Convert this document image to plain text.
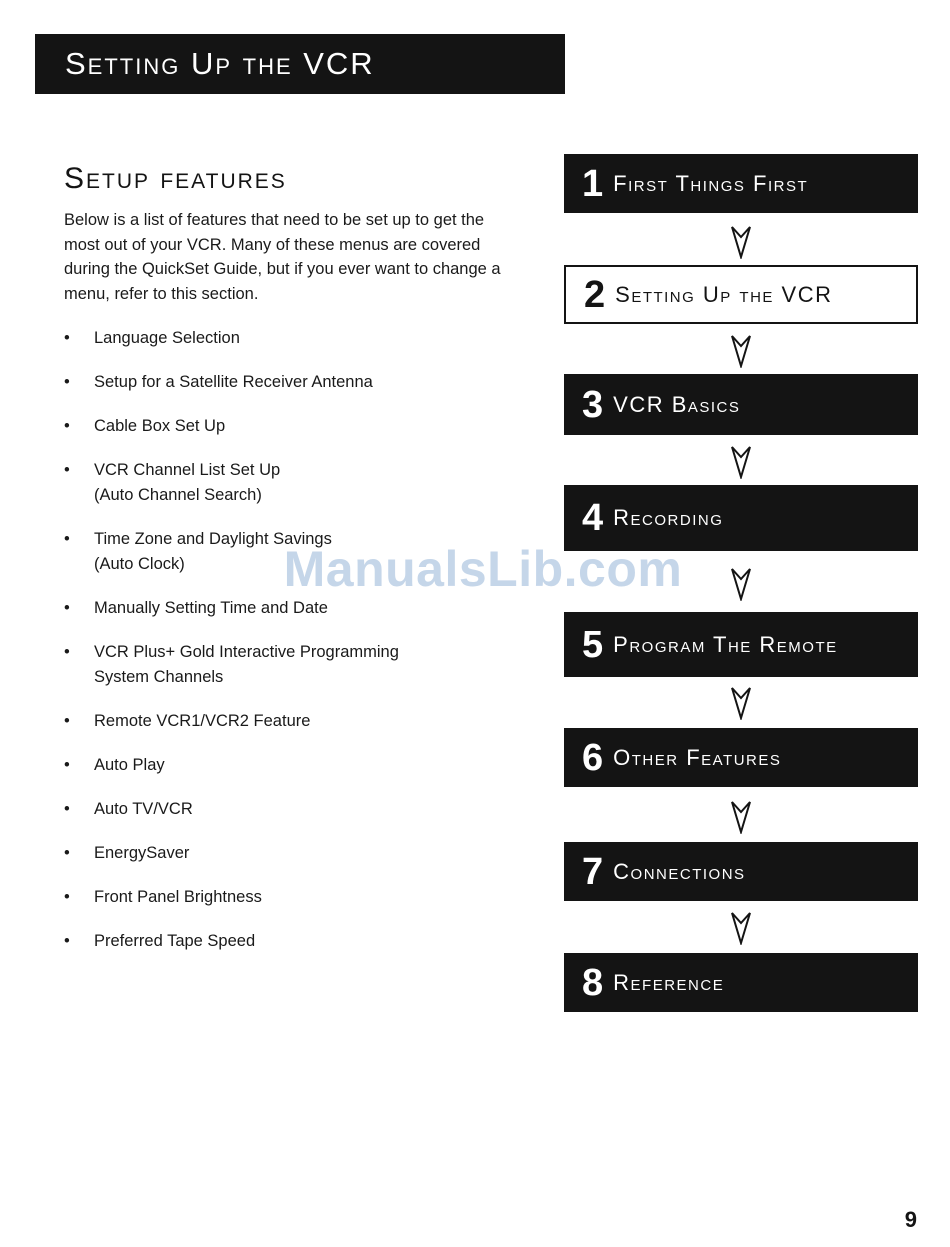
Setting Up the VCR
Setup features

Below is a list of features that need to be set up to get the most out of your VCR. Many of these menus are covered during the QuickSet Guide, but if you ever want to change a menu, refer to this section.

• Language Selection
• Setup for a Satellite Receiver Antenna
• Cable Box Set Up
• VCR Channel List Set Up
(Auto Channel Search)
• Time Zone and Daylight Savings
(Auto Clock)
• Manually Setting Time and Date
• VCR Plus+ Gold Interactive Programming
System Channels
• Remote VCR1/VCR2 Feature
• Auto Play
• Auto TV/VCR
• EnergySaver
• Front Panel Brightness
• Preferred Tape Speed
1 First Things First
2 Setting Up the VCR
3 VCR Basics
4 Recording
5 Program The Remote
6 Other Features
7 Connections
8 Reference
ManualsLib.com
9
